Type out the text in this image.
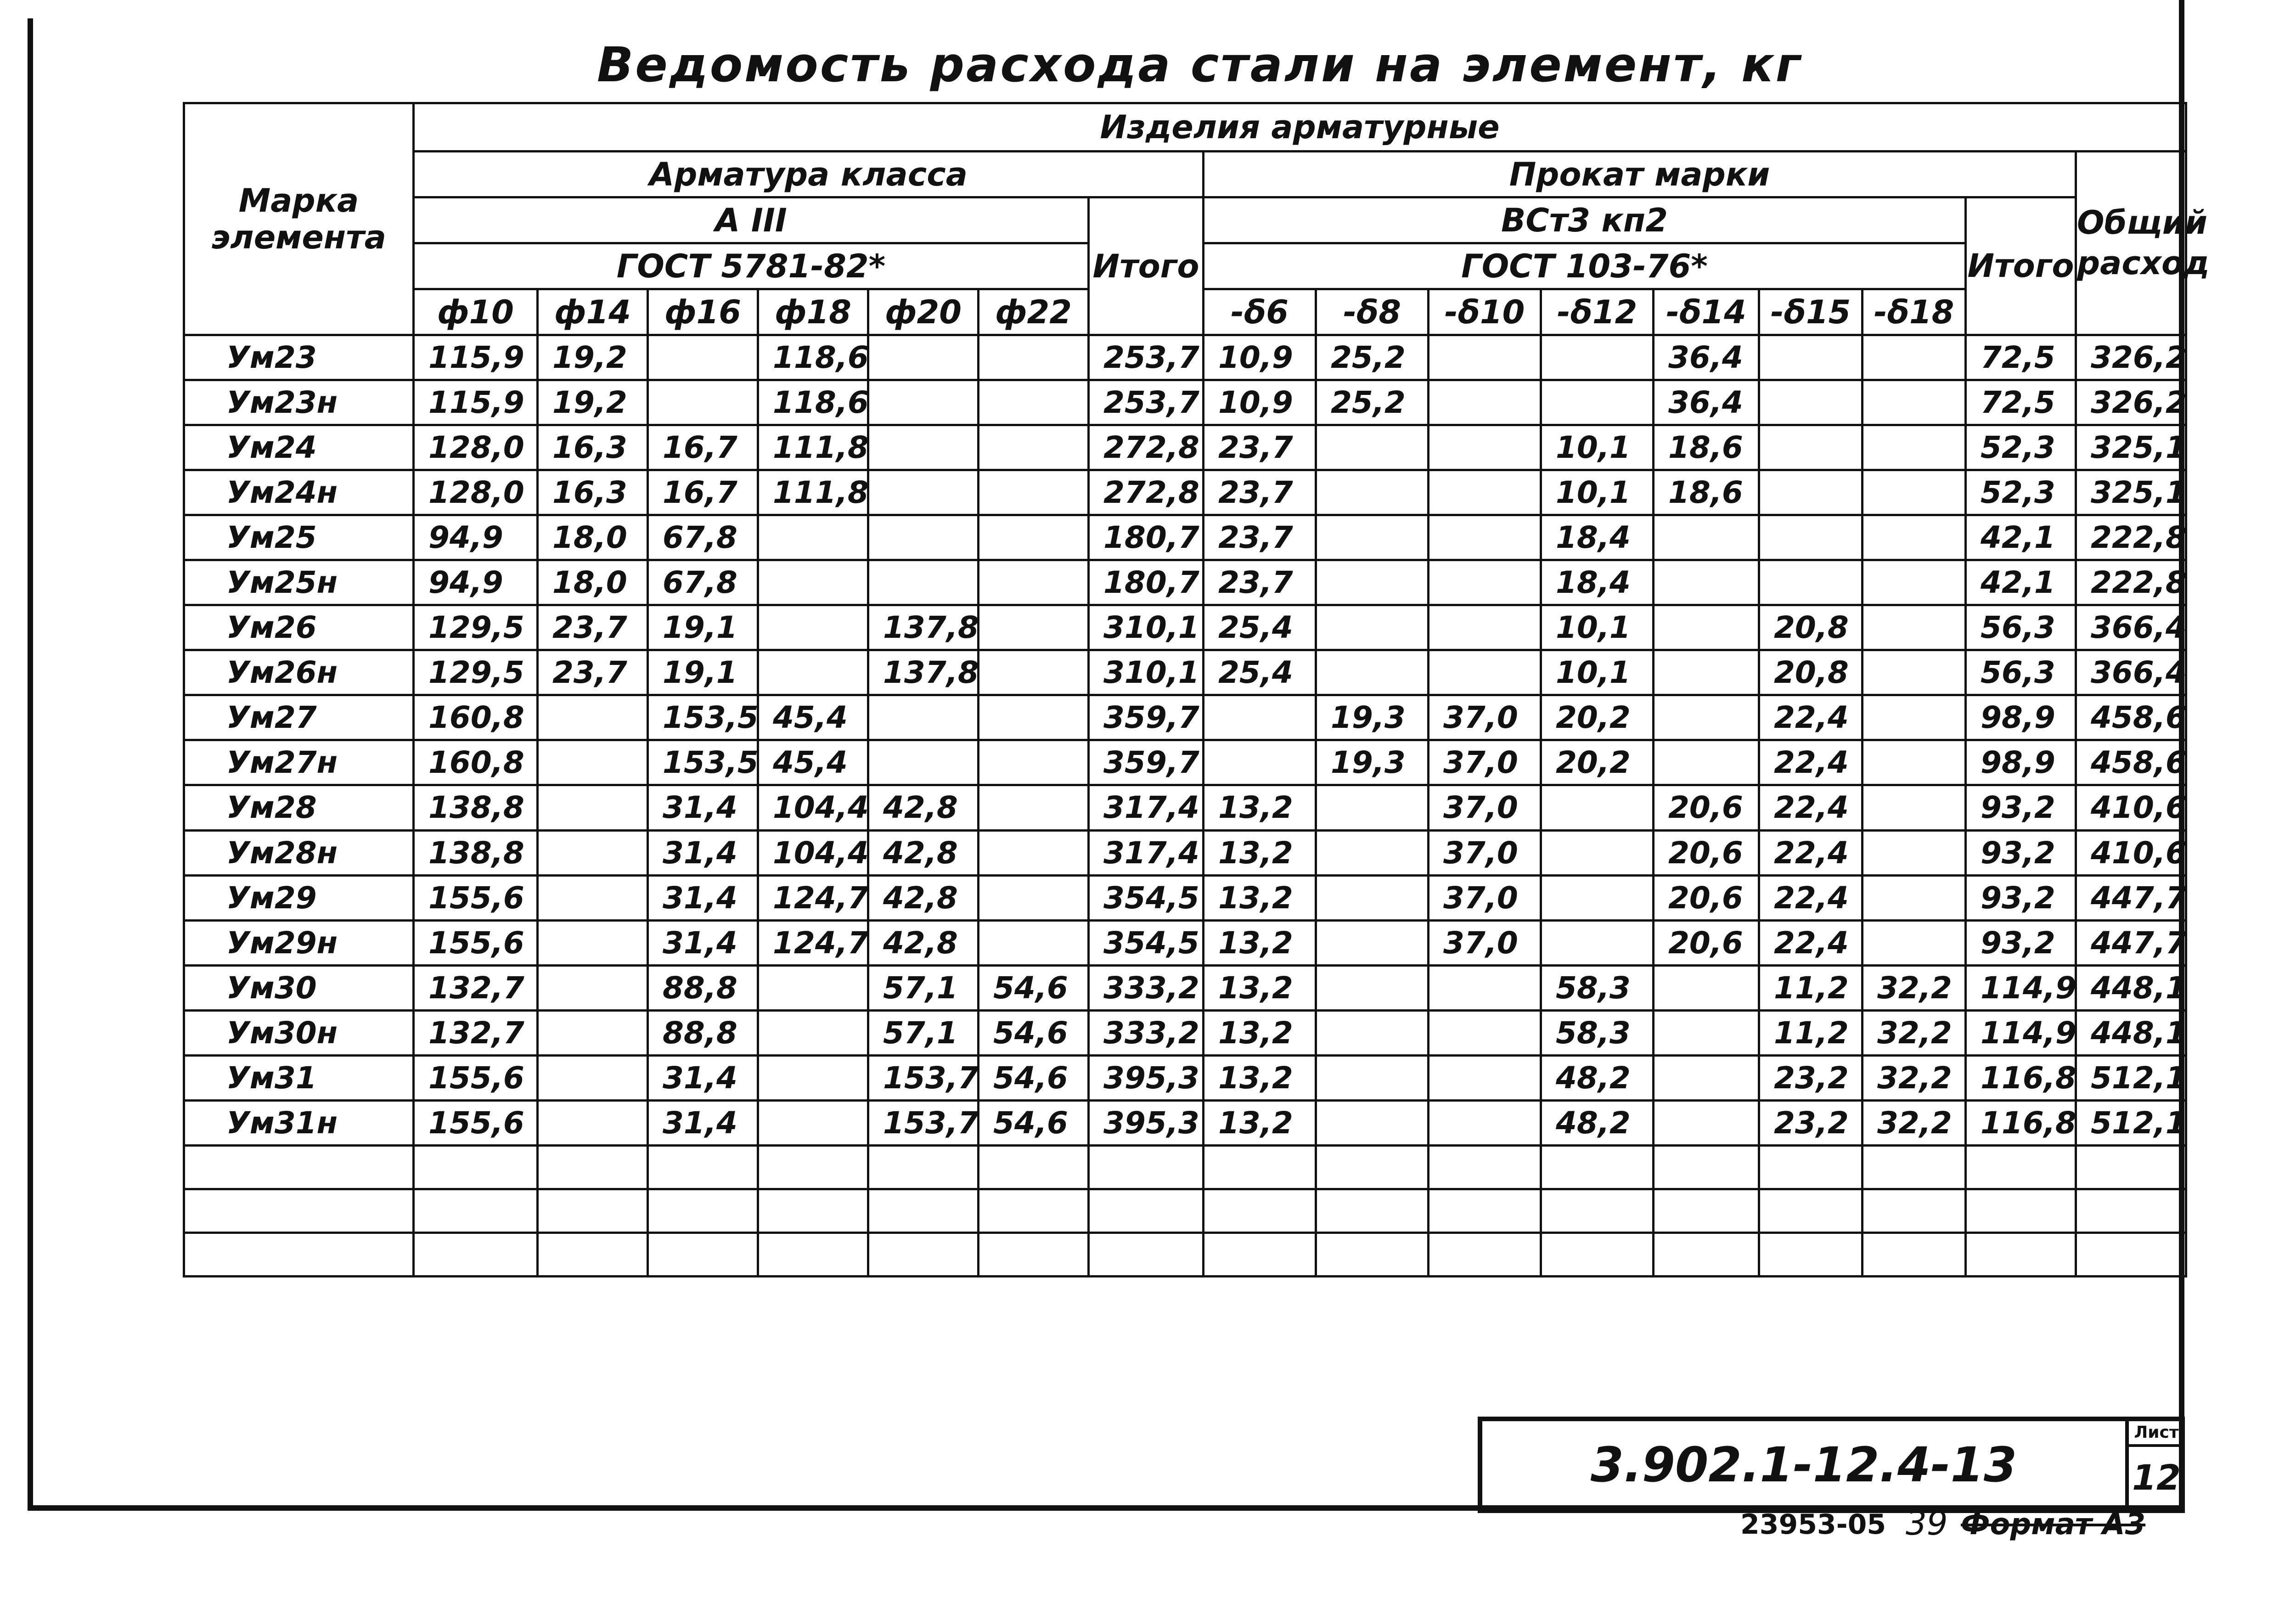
Ведомость расхода стали на элемент, кг
Марка элемента	Изделия арматурные															
	Арматура класса							Прокат марки								Общий расход
	А III						Итого	ВСт3 кп2							Итого	
	ГОСТ 5781-82*							ГОСТ 103-76*								
	ф10	ф14	ф16	ф18	ф20	ф22		-δ6	-δ8	-δ10	-δ12	-δ14	-δ15	-δ18		
Ум23	115,9	19,2		118,6			253,7	10,9	25,2			36,4			72,5	326,2
Ум23н	115,9	19,2		118,6			253,7	10,9	25,2			36,4			72,5	326,2
Ум24	128,0	16,3	16,7	111,8			272,8	23,7			10,1	18,6			52,3	325,1
Ум24н	128,0	16,3	16,7	111,8			272,8	23,7			10,1	18,6			52,3	325,1
Ум25	94,9	18,0	67,8				180,7	23,7			18,4				42,1	222,8
Ум25н	94,9	18,0	67,8				180,7	23,7			18,4				42,1	222,8
Ум26	129,5	23,7	19,1		137,8		310,1	25,4			10,1		20,8		56,3	366,4
Ум26н	129,5	23,7	19,1		137,8		310,1	25,4			10,1		20,8		56,3	366,4
Ум27	160,8		153,5	45,4			359,7		19,3	37,0	20,2		22,4		98,9	458,6
Ум27н	160,8		153,5	45,4			359,7		19,3	37,0	20,2		22,4		98,9	458,6
Ум28	138,8		31,4	104,4	42,8		317,4	13,2		37,0		20,6	22,4		93,2	410,6
Ум28н	138,8		31,4	104,4	42,8		317,4	13,2		37,0		20,6	22,4		93,2	410,6
Ум29	155,6		31,4	124,7	42,8		354,5	13,2		37,0		20,6	22,4		93,2	447,7
Ум29н	155,6		31,4	124,7	42,8		354,5	13,2		37,0		20,6	22,4		93,2	447,7
Ум30	132,7		88,8		57,1	54,6	333,2	13,2			58,3		11,2	32,2	114,9	448,1
Ум30н	132,7		88,8		57,1	54,6	333,2	13,2			58,3		11,2	32,2	114,9	448,1
Ум31	155,6		31,4		153,7	54,6	395,3	13,2			48,2		23,2	32,2	116,8	512,1
Ум31н	155,6		31,4		153,7	54,6	395,3	13,2			48,2		23,2	32,2	116,8	512,1

3.902.1-12.4-13
Лист
12
23953-05 39 Формат А3
